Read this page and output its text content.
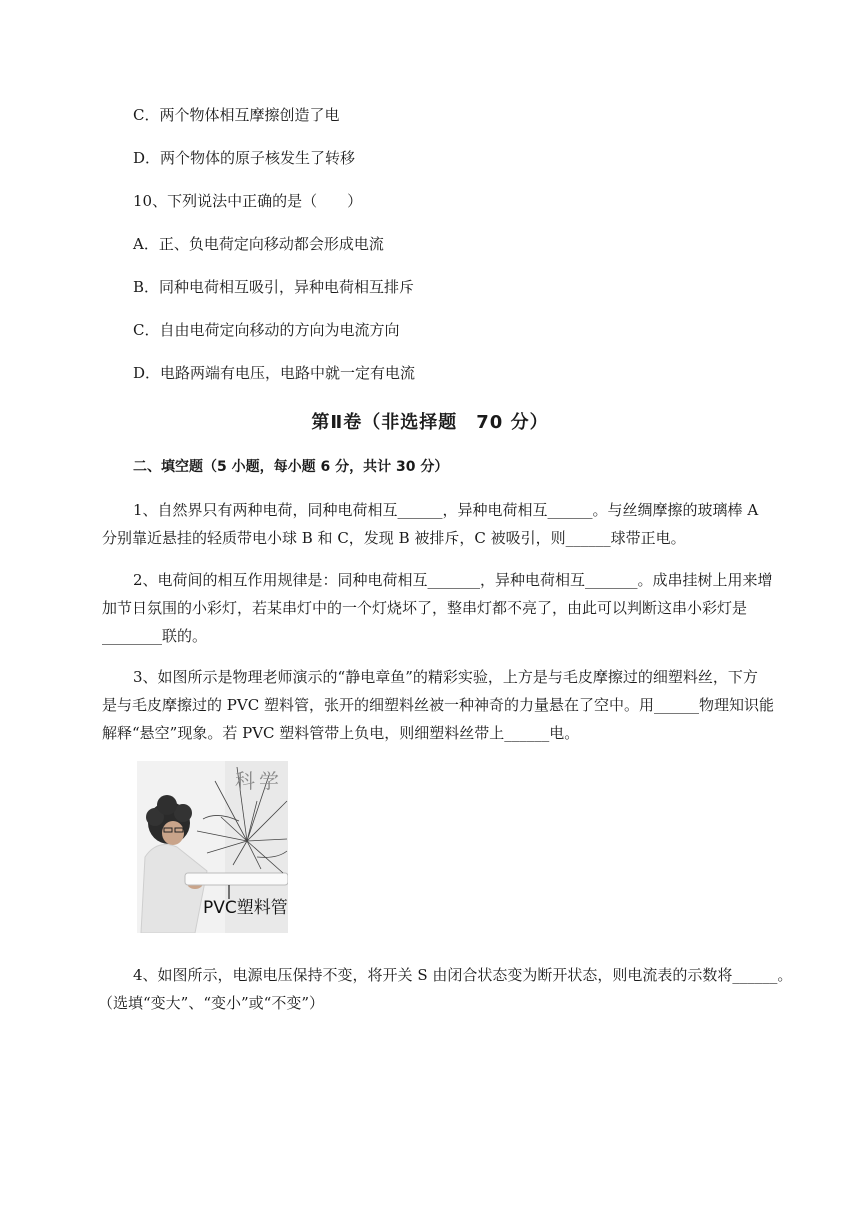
C．两个物体相互摩擦创造了电
D．两个物体的原子核发生了转移
10、下列说法中正确的是（　　）
A．正、负电荷定向移动都会形成电流
B．同种电荷相互吸引，异种电荷相互排斥
C．自由电荷定向移动的方向为电流方向
D．电路两端有电压，电路中就一定有电流
第Ⅱ卷（非选择题　70 分）
二、填空题（5 小题，每小题 6 分，共计 30 分）
1、自然界只有两种电荷，同种电荷相互______，异种电荷相互______。与丝绸摩擦的玻璃棒 A
分别靠近悬挂的轻质带电小球 B 和 C，发现 B 被排斥，C 被吸引，则______球带正电。
2、电荷间的相互作用规律是：同种电荷相互_______，异种电荷相互_______。成串挂树上用来增
加节日氛围的小彩灯，若某串灯中的一个灯烧坏了，整串灯都不亮了，由此可以判断这串小彩灯是
________联的。
3、如图所示是物理老师演示的“静电章鱼”的精彩实验，上方是与毛皮摩擦过的细塑料丝，下方
是与毛皮摩擦过的 PVC 塑料管，张开的细塑料丝被一种神奇的力量悬在了空中。用______物理知识能
解释“悬空”现象。若 PVC 塑料管带上负电，则细塑料丝带上______电。
科学
PVC塑料管
4、如图所示，电源电压保持不变，将开关 S 由闭合状态变为断开状态，则电流表的示数将______。
（选填“变大”、“变小”或“不变”）
